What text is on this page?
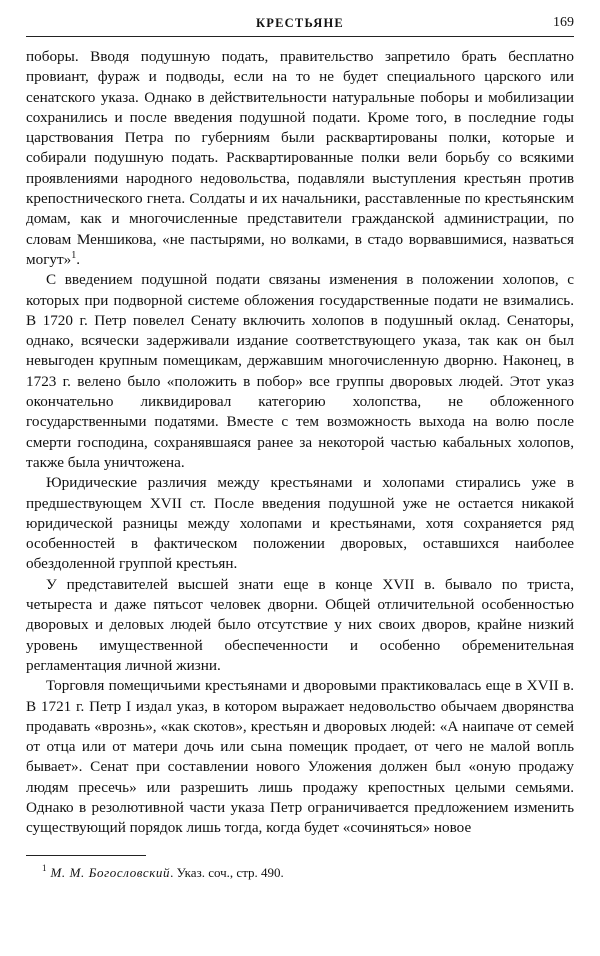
КРЕСТЬЯНЕ	169

поборы. Вводя подушную подать, правительство запретило брать бесплатно провиант, фураж и подводы, если на то не будет специального царского или сенатского указа. Однако в действительности натуральные поборы и мобилизации сохранились и после введения подушной подати. Кроме того, в последние годы царствования Петра по губерниям были расквартированы полки, которые и собирали подушную подать. Расквартированные полки вели борьбу со всякими проявлениями народного недовольства, подавляли выступления крестьян против крепостнического гнета. Солдаты и их начальники, расставленные по крестьянским домам, как и многочисленные представители гражданской администрации, по словам Меншикова, «не пастырями, но волками, в стадо ворвавшимися, назваться могут»$^1$.

С введением подушной подати связаны изменения в положении холопов, с которых при подворной системе обложения государственные подати не взимались. В 1720 г. Петр повелел Сенату включить холопов в подушный оклад. Сенаторы, однако, всячески задерживали издание соответствующего указа, так как он был невыгоден крупным помещикам, державшим многочисленную дворню. Наконец, в 1723 г. велено было «положить в побор» все группы дворовых людей. Этот указ окончательно ликвидировал категорию холопства, не обложенного государственными податями. Вместе с тем возможность выхода на волю после смерти господина, сохранявшаяся ранее за некоторой частью кабальных холопов, также была уничтожена.

Юридические различия между крестьянами и холопами стирались уже в предшествующем XVII ст. После введения подушной уже не остается никакой юридической разницы между холопами и крестьянами, хотя сохраняется ряд особенностей в фактическом положении дворовых, оставшихся наиболее обездоленной группой крестьян.

У представителей высшей знати еще в конце XVII в. бывало по триста, четыреста и даже пятьсот человек дворни. Общей отличительной особенностью дворовых и деловых людей было отсутствие у них своих дворов, крайне низкий уровень имущественной обеспеченности и особенно обременительная регламентация личной жизни.

Торговля помещичьими крестьянами и дворовыми практиковалась еще в XVII в. В 1721 г. Петр I издал указ, в котором выражает недовольство обычаем дворянства продавать «врознь», «как скотов», крестьян и дворовых людей: «А наипаче от семей от отца или от матери дочь или сына помещик продает, от чего не малой вопль бывает». Сенат при составлении нового Уложения должен был «оную продажу людям пресечь» или разрешить лишь продажу крепостных целыми семьями. Однако в резолютивной части указа Петр ограничивается предложением изменить существующий порядок лишь тогда, когда будет «сочиняться» новое

$^1$ М. М. Богословский. Указ. соч., стр. 490.
